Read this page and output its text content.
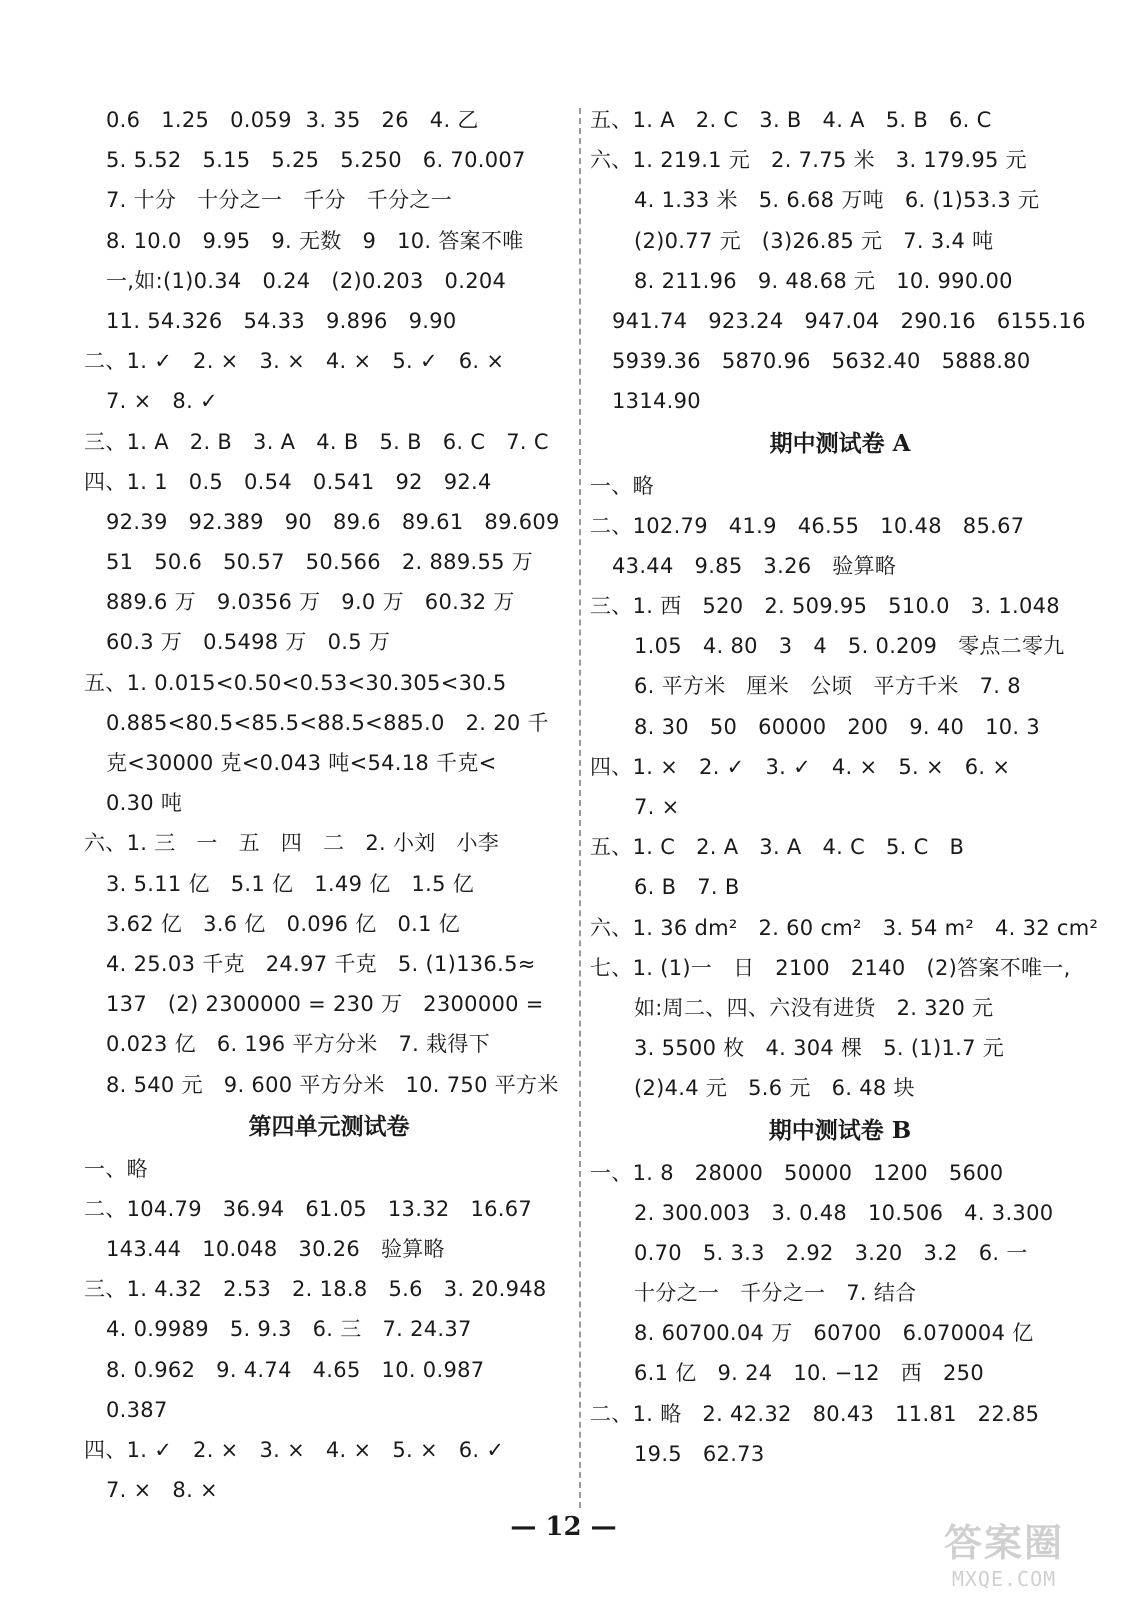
0.6   1.25   0.059  3. 35   26   4. 乙
5. 5.52   5.15   5.25   5.250   6. 70.007
7. 十分   十分之一   千分   千分之一
8. 10.0   9.95   9. 无数   9   10. 答案不唯
一,如:(1)0.34   0.24   (2)0.203   0.204
11. 54.326   54.33   9.896   9.90
二、1. ✓   2. ×   3. ×   4. ×   5. ✓   6. ×
7. ×   8. ✓
三、1. A   2. B   3. A   4. B   5. B   6. C   7. C
四、1. 1   0.5   0.54   0.541   92   92.4
92.39   92.389   90   89.6   89.61   89.609
51   50.6   50.57   50.566   2. 889.55 万
889.6 万   9.0356 万   9.0 万   60.32 万
60.3 万   0.5498 万   0.5 万
五、1. 0.015<0.50<0.53<30.305<30.5
0.885<80.5<85.5<88.5<885.0   2. 20 千
克<30000 克<0.043 吨<54.18 千克<
0.30 吨
六、1. 三   一   五   四   二   2. 小刘   小李
3. 5.11 亿   5.1 亿   1.49 亿   1.5 亿
3.62 亿   3.6 亿   0.096 亿   0.1 亿
4. 25.03 千克   24.97 千克   5. (1)136.5≈
137   (2) 2300000 = 230 万   2300000 =
0.023 亿   6. 196 平方分米   7. 栽得下
8. 540 元   9. 600 平方分米   10. 750 平方米
第四单元测试卷
一、略
二、104.79   36.94   61.05   13.32   16.67
143.44   10.048   30.26   验算略
三、1. 4.32   2.53   2. 18.8   5.6   3. 20.948
4. 0.9989   5. 9.3   6. 三   7. 24.37
8. 0.962   9. 4.74   4.65   10. 0.987
0.387
四、1. ✓   2. ×   3. ×   4. ×   5. ×   6. ✓
7. ×   8. ×
五、1. A   2. C   3. B   4. A   5. B   6. C
六、1. 219.1 元   2. 7.75 米   3. 179.95 元
4. 1.33 米   5. 6.68 万吨   6. (1)53.3 元
(2)0.77 元   (3)26.85 元   7. 3.4 吨
8. 211.96   9. 48.68 元   10. 990.00
941.74   923.24   947.04   290.16   6155.16
5939.36   5870.96   5632.40   5888.80
1314.90
期中测试卷 A
一、略
二、102.79   41.9   46.55   10.48   85.67
43.44   9.85   3.26   验算略
三、1. 西   520   2. 509.95   510.0   3. 1.048
1.05   4. 80   3   4   5. 0.209   零点二零九
6. 平方米   厘米   公顷   平方千米   7. 8
8. 30   50   60000   200   9. 40   10. 3
四、1. ×   2. ✓   3. ✓   4. ×   5. ×   6. ×
7. ×
五、1. C   2. A   3. A   4. C   5. C   B
6. B   7. B
六、1. 36 dm²   2. 60 cm²   3. 54 m²   4. 32 cm²
七、1. (1)一   日   2100   2140   (2)答案不唯一,
如:周二、四、六没有进货   2. 320 元
3. 5500 枚   4. 304 棵   5. (1)1.7 元
(2)4.4 元   5.6 元   6. 48 块
期中测试卷 B
一、1. 8   28000   50000   1200   5600
2. 300.003   3. 0.48   10.506   4. 3.300
0.70   5. 3.3   2.92   3.20   3.2   6. 一
十分之一   千分之一   7. 结合
8. 60700.04 万   60700   6.070004 亿
6.1 亿   9. 24   10. −12   西   250
二、1. 略   2. 42.32   80.43   11.81   22.85
19.5   62.73
— 12 —	答案圈
MXQE.COM
